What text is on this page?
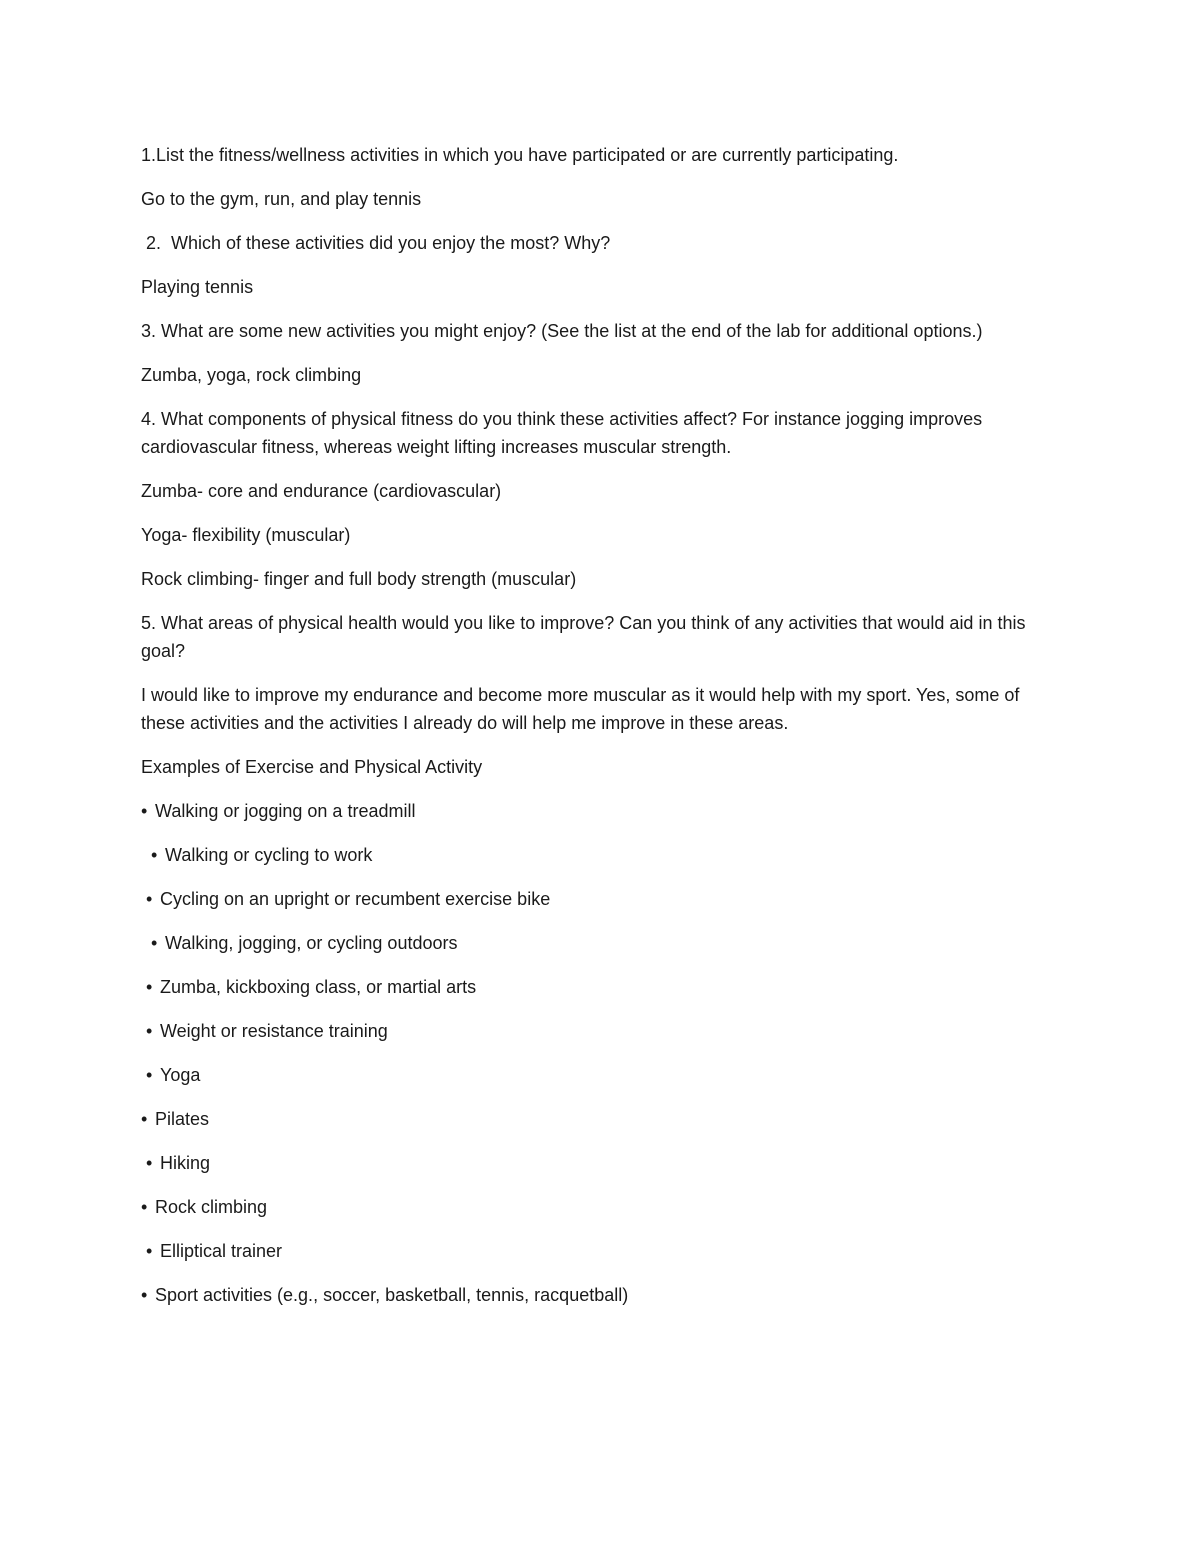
1.List the fitness/wellness activities in which you have participated or are currently participating.

Go to the gym, run, and play tennis

2.  Which of these activities did you enjoy the most? Why?

Playing tennis

3. What are some new activities you might enjoy? (See the list at the end of the lab for additional options.)

Zumba, yoga, rock climbing

4. What components of physical fitness do you think these activities affect? For instance jogging improves cardiovascular fitness, whereas weight lifting increases muscular strength.

Zumba- core and endurance (cardiovascular)

Yoga- flexibility (muscular)

Rock climbing- finger and full body strength (muscular)

5. What areas of physical health would you like to improve? Can you think of any activities that would aid in this goal?

I would like to improve my endurance and become more muscular as it would help with my sport. Yes, some of these activities and the activities I already do will help me improve in these areas.

Examples of Exercise and Physical Activity

• Walking or jogging on a treadmill

• Walking or cycling to work

• Cycling on an upright or recumbent exercise bike

• Walking, jogging, or cycling outdoors

• Zumba, kickboxing class, or martial arts

• Weight or resistance training

• Yoga

• Pilates

• Hiking

• Rock climbing

• Elliptical trainer

• Sport activities (e.g., soccer, basketball, tennis, racquetball)
